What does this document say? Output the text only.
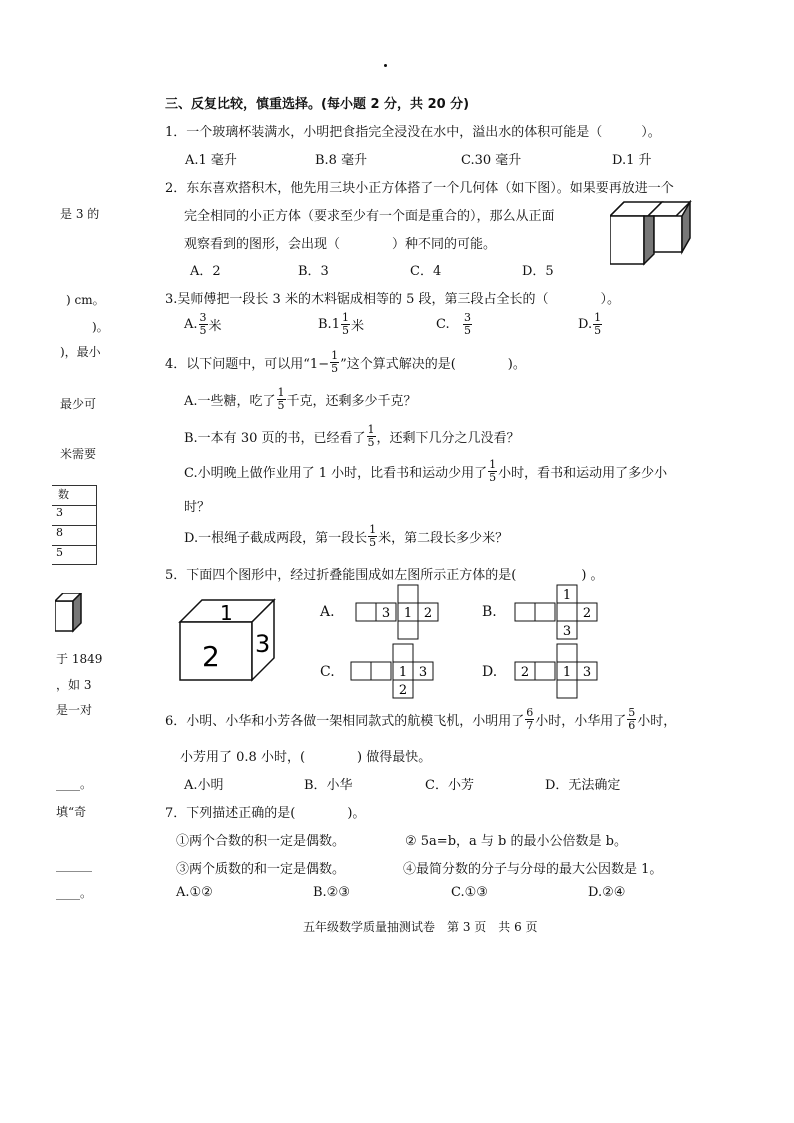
是 3 的
) cm。
)。
)，最小
最少可
米需要
数
3
8
5
于 1849
，如 3
是一对
____。
填“奇
______
____。
三、反复比较，慎重选择。(每小题 2 分，共 20 分)
1．一个玻璃杯装满水，小明把食指完全浸没在水中，溢出水的体积可能是（　　　）。
A.1 毫升	B.8 毫升	C.30 毫升	D.1 升
2．东东喜欢搭积木，他先用三块小正方体搭了一个几何体（如下图）。如果要再放进一个
完全相同的小正方体（要求至少有一个面是重合的），那么从正面
观察看到的图形，会出现（　　　　）种不同的可能。
A．2	B．3	C．4	D．5
3.吴师傅把一段长 3 米的木料锯成相等的 5 段，第三段占全长的（　　　　）。
A. $\frac{3}{5}$ 米	B. $1 \frac{1}{5}$ 米	C.
$\frac{3}{5}$	D. $\frac{1}{5}$
4．以下问题中，可以用“$1- \frac{1}{5}$ ”这个算式解决的是(　　　　)。
A.一些糖，吃了 $\frac{1}{5}$ 千克，还剩多少千克？
B.一本有 30 页的书，已经看了 $\frac{1}{5}$ ，还剩下几分之几没看？
C.小明晚上做作业用了 1 小时，比看书和运动少用了 $\frac{1}{5}$ 小时，看书和运动用了多少小
时？
D.一根绳子截成两段，第一段长 $\frac{1}{5}$ 米，第二段长多少米？
5．下面四个图形中，经过折叠能围成如左图所示正方体的是(　　　　　) 。
1
2 3
A.	3 1 2	B.
1
2
3
C.	1 3
2
D. 2	1 3
6．小明、小华和小芳各做一架相同款式的航模飞机，小明用了 $\frac{6}{7}$ 小时，小华用了 $\frac{5}{6}$ 小时，
小芳用了 0.8 小时，(　　　　) 做得最快。
A.小明	B．小华	C．小芳	D．无法确定
7．下列描述正确的是(　　　　)。
①两个合数的积一定是偶数。	② 5a=b，a 与 b 的最小公倍数是 b。
③两个质数的和一定是偶数。	④最简分数的分子与分母的最大公因数是 1。
A.①②	B.②③	C.①③	D.②④
五年级数学质量抽测试卷　第 3 页　共 6 页
